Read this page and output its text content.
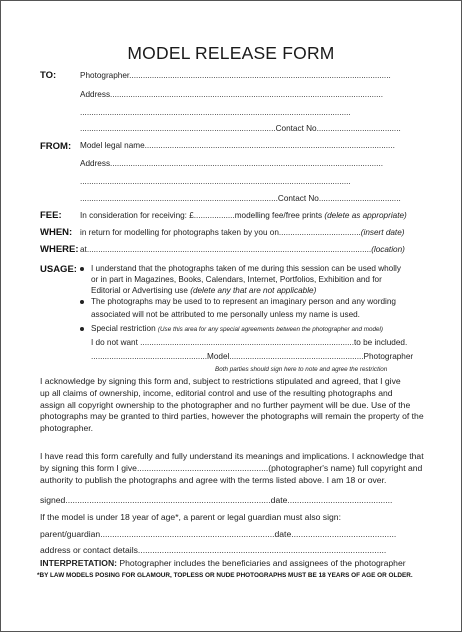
MODEL RELEASE FORM
TO:	Photographer...................................................................................................................
Address........................................................................................................................
.......................................................................................................................
......................................................................................Contact No.....................................
FROM: Model legal name..............................................................................................................
Address........................................................................................................................
.......................................................................................................................
.......................................................................................Contact No....................................
FEE: In consideration for receiving: £..................modelling fee/free prints (delete as appropriate)
WHEN: in return for modelling for photographs taken by you on....................................(insert date)
WHERE: at.............................................................................................................................(location)
USAGE: I understand that the photographs taken of me during this session can be used wholly
or in part in Magazines, Books, Calendars, Internet, Portfolios, Exhibition and for
Editorial or Advertising use (delete any that are not applicable)
The photographs may be used to to represent an imaginary person and any wording
associated will not be attributed to me personally unless my name is used.
Special restriction (Use this area for any special agreements between the photographer and model)
I do not want ..............................................................................................to be included.
...................................................Model...........................................................Photographer
Both parties should sign here to note and agree the restriction
I acknowledge by signing this form and, subject to restrictions stipulated and agreed, that I give
up all claims of ownership, income, editorial control and use of the resulting photographs and
assign all copyright ownership to the photographer and no further payment will be due. Use of the
photographs may be granted to third parties, however the photographs will remain the property of the
photographer.
I have read this form carefully and fully understand its meanings and implications. I acknowledge that
by signing this form I give.......................................................(photographer's name) full copyright and
authority to publish the photographs and agree with the terms listed above. I am 18 or over.
signed......................................................................................date............................................
If the model is under 18 year of age*, a parent or legal guardian must also sign:
parent/guardian.........................................................................date............................................
address or contact details........................................................................................................
INTERPRETATION: Photographer includes the beneficiaries and assignees of the photographer
*BY LAW MODELS POSING FOR GLAMOUR, TOPLESS OR NUDE PHOTOGRAPHS MUST BE 18 YEARS OF AGE OR OLDER.
